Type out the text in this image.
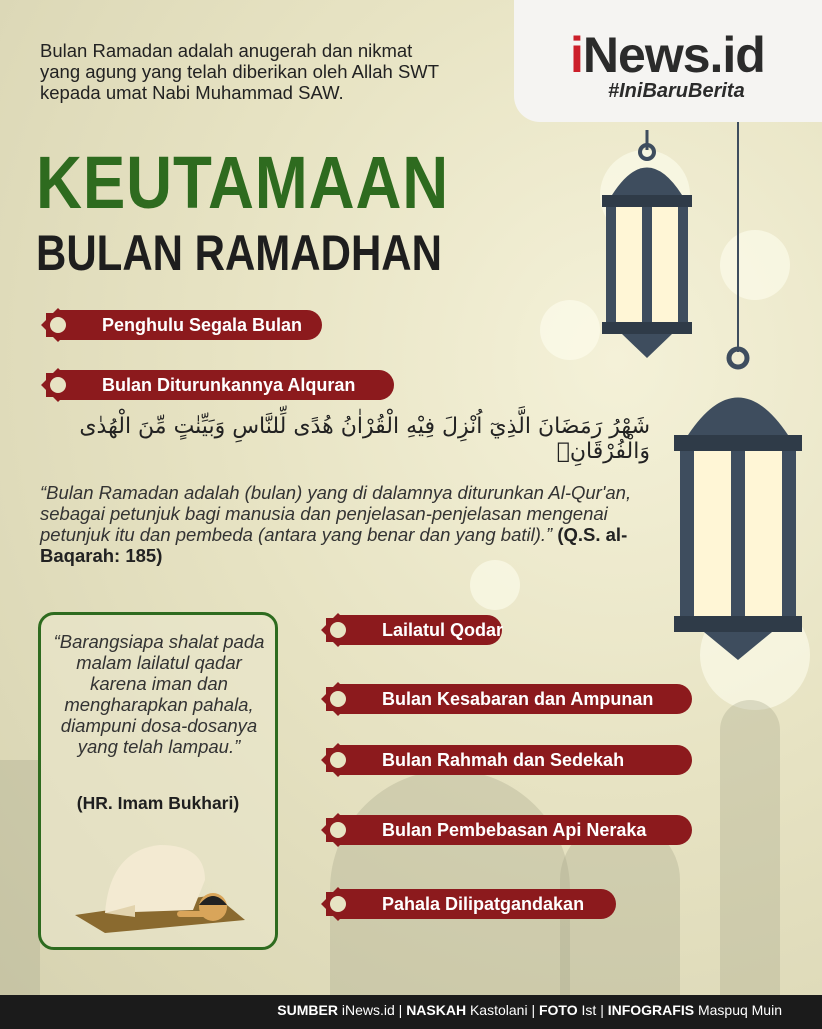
iNews.id
#IniBaruBerita
Bulan Ramadan adalah anugerah dan nikmat yang agung yang telah diberikan oleh Allah SWT kepada umat Nabi Muhammad SAW.
KEUTAMAAN
BULAN RAMADHAN
Penghulu Segala Bulan
Bulan Diturunkannya Alquran
شَهْرُ رَمَضَانَ الَّذِيٓ اُنْزِلَ فِيْهِ الْقُرْاٰنُ هُدًى لِّلنَّاسِ وَبَيِّنٰتٍ مِّنَ الْهُدٰى وَالْفُرْقَانِۚ
“Bulan Ramadan adalah (bulan) yang di dalamnya diturunkan Al-Qur'an, sebagai petunjuk bagi manusia dan penjelasan-penjelasan mengenai petunjuk itu dan pembeda (antara yang benar dan yang batil).” (Q.S. al-Baqarah: 185)
“Barangsiapa shalat pada malam lailatul qadar karena iman dan mengharapkan pahala, diampuni dosa-dosanya yang telah lampau.”
(HR. Imam Bukhari)
Lailatul Qodar
Bulan Kesabaran dan Ampunan
Bulan Rahmah dan Sedekah
Bulan Pembebasan Api Neraka
Pahala Dilipatgandakan
SUMBER iNews.id | NASKAH Kastolani | FOTO Ist | INFOGRAFIS Maspuq Muin
